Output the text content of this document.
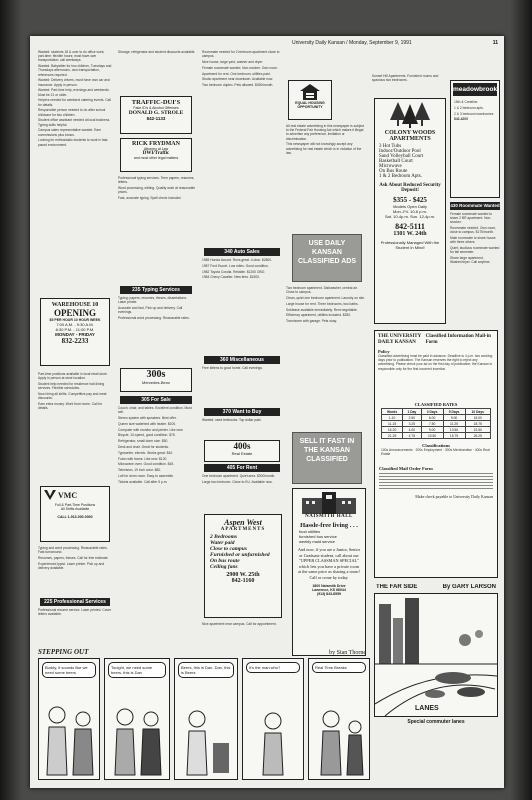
University Daily Kansan / Monday, September 9, 1991	11

Wanted: students 18 & over to do office work; part-time; flexible hours; must have own transportation; call weekdays.

Wanted: Babysitter for two children, Tuesdays and Thursdays afternoons, own transportation, references required.

Wanted: Delivery drivers, must have own car and insurance. Apply in person.

Wanted: Part-time help, evenings and weekends. Must be 21 or older.

Helpers needed for weekend catering events. Call for details.

Responsible person needed to do after school childcare for two children.

Student office assistant needed at local business. Typing skills helpful.

Campus sales representative wanted. Earn commissions plus bonus.

Looking for enthusiastic students to work in fast-paced environment.

WAREHOUSE 10
OPENING
$5 PER HOUR 10 HOUR WEEK
7:00 A.M. - 9:30 A.M.
8:30 P.M. - 11:00 P.M.
MONDAY - FRIDAY
832-2233

Part-time positions available in local retail store. Apply in person at store location.

Student help needed for residence hall dining services. Flexible schedules.

Now hiring all shifts. Competitive pay and meal discounts.

Earn extra money. Work from home. Call for details.

VMC
Full & Part-Time Positions
All Shifts Available
CALL 1-913-000-0000

Typing and word processing. Reasonable rates. Fast turnaround.

Resumes, papers, theses. Call for free estimate.

Experienced typist. Laser printer. Pick up and delivery available.

225 Professional Services

Professional resume service. Laser printed. Cover letters available.

Storage, refrigerator and student discounts available.

TRAFFIC-DUI'S
Fake ID's & Alcohol Offenses
DONALD G. STROLE
842-1133
RICK FRYDMAN
Attorney at Law
DWI/Traffic
and most other legal matters

Professional typing services. Term papers, resumes, letters.

Word processing, editing. Quality work at reasonable prices.

Fast, accurate typing. Spell check included.

235 Typing Services

Typing: papers, resumes, theses, dissertations. Laser printer.

Accurate and fast. Pick up and delivery. Call evenings.

Professional word processing. Reasonable rates.

300s
Mercedes-Benz
305 For Sale

Couch, chair, and tables. Excellent condition. Must sell.

Stereo system with speakers. Best offer.

Queen size waterbed with heater. $100.

Computer with monitor and printer. Like new.

Bicycle, 10-speed, good condition. $75.

Refrigerator, small dorm size. $50.

Desk and chair. Great for students.

Typewriter, electric. Works great. $40.

Futon with frame. Like new. $120.

Microwave oven. Good condition. $45.

Television, 19 inch color. $80.

Loft for dorm room. Easy to assemble.

Tickets available. Call after 5 p.m.

Roommate needed for 2 bedroom apartment close to campus.

Nice house, large yard, washer and dryer.

Female roommate wanted. Non-smoker. Own room.

Apartment for rent. One bedroom, utilities paid.

Studio apartment near downtown. Available now.

Two bedroom duplex. Pets allowed. $450/month.

340 Auto Sales

1985 Honda Accord. Runs great. 4-door. $2800.

1987 Ford Escort. Low miles. Good condition.

1982 Toyota Corolla. Reliable. $1200 OBO.

1984 Chevy Cavalier. New tires. $1500.

360 Miscellaneous

Free kittens to good home. Call evenings.

370 Want to Buy

Wanted: used textbooks. Top dollar paid.

400s
Real Estate
405 For Rent

One bedroom apartment. Quiet area. $300/month.

Large two bedroom. Close to KU. Available now.

Aspen West
APARTMENTS
2 Bedrooms
Water paid
Close to campus
Furnished or unfurnished
On bus route
Ceiling fans
2900 W. 25th
842-1160

Nice apartment near campus. Call for appointment.

EQUAL HOUSING OPPORTUNITY

All real estate advertising in this newspaper is subject to the Federal Fair Housing Act which makes it illegal to advertise any preference, limitation or discrimination.

This newspaper will not knowingly accept any advertising for real estate which is in violation of the law.

USE DAILY KANSAN CLASSIFIED ADS

Two bedroom apartment. Dishwasher, central air. Close to campus.

Clean, quiet one bedroom apartment. Laundry on site.

Large house for rent. Three bedrooms, two baths.

Sublease available immediately. Rent negotiable.

Efficiency apartment, utilities included. $250.

Townhome with garage. Pets okay.

SELL IT FAST IN THE KANSAN CLASSIFIED
NAISMITH HALL
Hassle-free living . . .
food utilities
furnished bus service
weekly maid service
And now, if you are a Junior, Senior or Graduate student, call about our "UPPER CLASSMAN SPECIAL" which lets you have a private room at the same price as sharing a room! Call or come by today.
1800 Naismith Drive
Lawrence, KS 66044
(913) 843-8559

Sunset Hill Apartments. Furnished rooms and spacious two bedrooms.

COLONY WOODS APARTMENTS
3 Hot Tubs
Indoor/Outdoor Pool
Sand Volleyball Court
Basketball Court
Microwave
On Bus Route
1 & 2 Bedroom Apts.
Ask About Reduced Security Deposit!
$355 - $425
Models Open Daily
Mon.-Fri. 10-6 p.m.
Sat. 10-4p.m. Sun. 12-4p.m.
842-5111
1301 W. 24th
Professionally Managed With the Student In Mind!
THE UNIVERSITY DAILY KANSAN
Classified Information Mail-in Form
Policy

Classified advertising must be paid in advance. Deadline is 4 p.m. two working days prior to publication. The Kansan reserves the right to reject any advertising. Please check your ad on the first day of publication; the Kansan is responsible only for the first incorrect insertion.

CLASSIFIED RATES
Words	1 Day	3 Days	5 Days	10 Days
1-10	2.50	6.00	9.00	15.00
11-15	3.25	7.50	11.25	18.75
16-20	4.00	9.00	13.50	22.50
21-25	4.75	10.50	15.75	26.25
Classifications

100s Announcements · 200s Employment · 300s Merchandise · 400s Real Estate

Classified Mail Order Form
Make check payable to University Daily Kansan
THE FAR SIDE	By GARY LARSON
LANES
Special commuter lanes
meadowbrook

15th & Crestline

1 & 2 bedroom apts.

2 & 3 bedroom townhomes

842-4200

430 Roommate Wanted

Female roommate wanted to share 2 BR apartment. Non-smoker.

Roommate needed. Own room, close to campus. $175/month.

Male roommate to share house with three others.

Quiet, studious roommate wanted for fall semester.

Share large apartment. Washer/dryer. Call anytime.

STEPPING OUT	by Stan Thorne
Buddy, it sounds like we need some beers
Tonight, we need some beers, this is Dan
Beers, this is Dan. Dan, this is Beers
It's the man who?	Real Time Breaks
